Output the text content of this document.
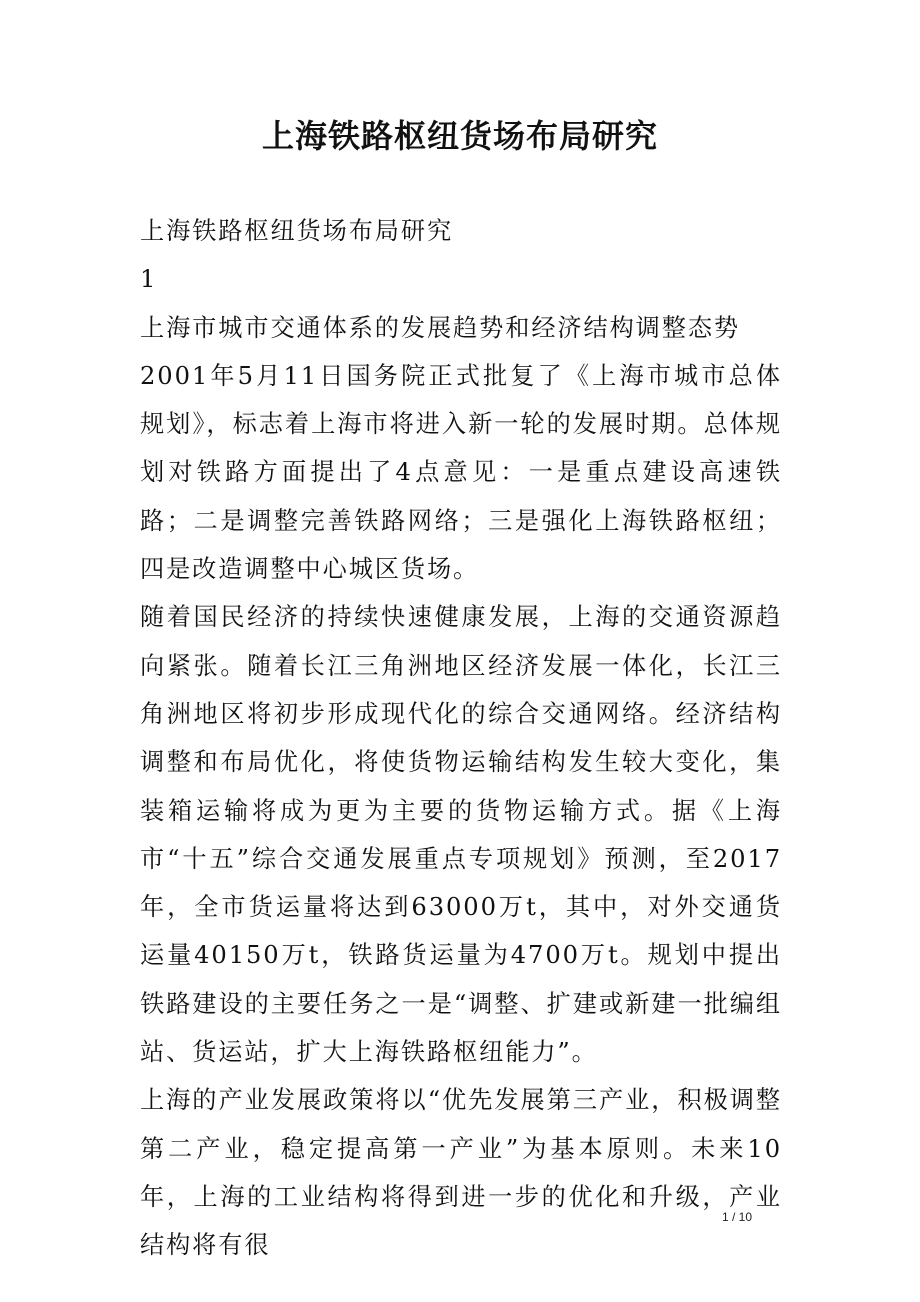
上海铁路枢纽货场布局研究

上海铁路枢纽货场布局研究

1

上海市城市交通体系的发展趋势和经济结构调整态势

2001年5月11日国务院正式批复了《上海市城市总体规划》，标志着上海市将进入新一轮的发展时期。总体规划对铁路方面提出了4点意见：一是重点建设高速铁路；二是调整完善铁路网络；三是强化上海铁路枢纽；四是改造调整中心城区货场。

随着国民经济的持续快速健康发展，上海的交通资源趋向紧张。随着长江三角洲地区经济发展一体化，长江三角洲地区将初步形成现代化的综合交通网络。经济结构调整和布局优化，将使货物运输结构发生较大变化，集装箱运输将成为更为主要的货物运输方式。据《上海市“十五”综合交通发展重点专项规划》预测，至2017年，全市货运量将达到63000万t，其中，对外交通货运量40150万t，铁路货运量为4700万t。规划中提出铁路建设的主要任务之一是“调整、扩建或新建一批编组站、货运站，扩大上海铁路枢纽能力”。

上海的产业发展政策将以“优先发展第三产业，积极调整第二产业，稳定提高第一产业”为基本原则。未来10年，上海的工业结构将得到进一步的优化和升级，产业结构将有很

1 / 10
